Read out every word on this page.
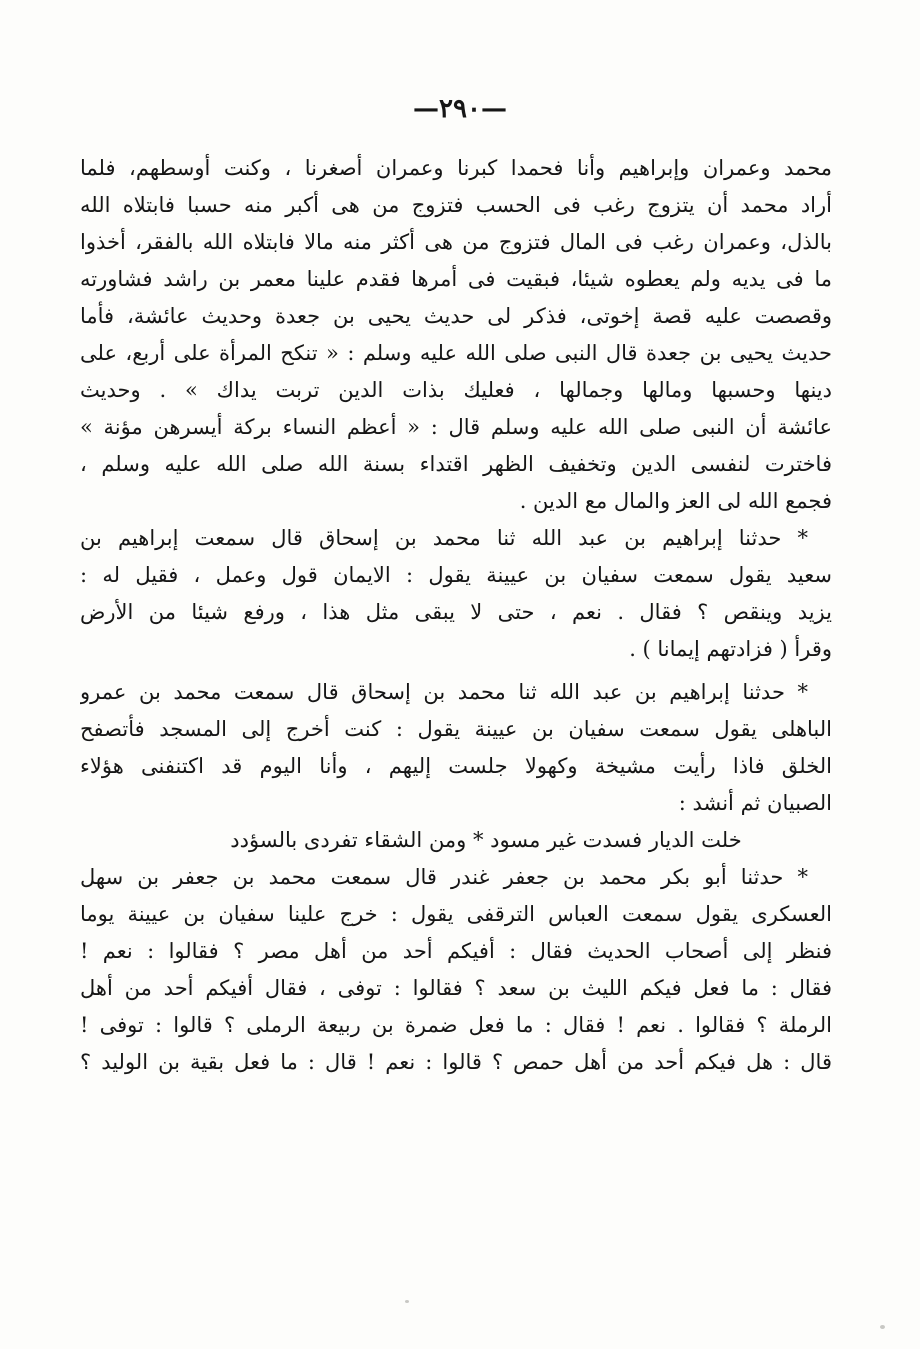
—٢٩٠—
محمد وعمران وإبراهيم وأنا فحمدا كبرنا وعمران أصغرنا ، وكنت أوسطهم، فلما
أراد محمد أن يتزوج رغب فى الحسب فتزوج من هى أكبر منه حسبا فابتلاه الله
بالذل، وعمران رغب فى المال فتزوج من هى أكثر منه مالا فابتلاه الله بالفقر، أخذوا
ما فى يديه ولم يعطوه شيئا، فبقيت فى أمرها فقدم علينا معمر بن راشد فشاورته
وقصصت عليه قصة إخوتى، فذكر لى حديث يحيى بن جعدة وحديث عائشة، فأما
حديث يحيى بن جعدة قال النبى صلى الله عليه وسلم : « تنكح المرأة على أربع، على
دينها وحسبها ومالها وجمالها ، فعليك بذات الدين تربت يداك » . وحديث
عائشة أن النبى صلى الله عليه وسلم قال : « أعظم النساء بركة أيسرهن مؤنة »
فاخترت لنفسى الدين وتخفيف الظهر اقتداء بسنة الله صلى الله عليه وسلم ،
فجمع الله لى العز والمال مع الدين .
* حدثنا إبراهيم بن عبد الله ثنا محمد بن إسحاق قال سمعت إبراهيم بن
سعيد يقول سمعت سفيان بن عيينة يقول : الايمان قول وعمل ، فقيل له :
يزيد وينقص ؟ فقال . نعم ، حتى لا يبقى مثل هذا ، ورفع شيئا من الأرض
وقرأ ( فزادتهم إيمانا ) .
* حدثنا إبراهيم بن عبد الله ثنا محمد بن إسحاق قال سمعت محمد بن عمرو
الباهلى يقول سمعت سفيان بن عيينة يقول : كنت أخرج إلى المسجد فأتصفح
الخلق فاذا رأيت مشيخة وكهولا جلست إليهم ، وأنا اليوم قد اكتنفنى هؤلاء
الصبيان ثم أنشد :
خلت الديار فسدت غير مسود * ومن الشقاء تفردى بالسؤدد
* حدثنا أبو بكر محمد بن جعفر غندر قال سمعت محمد بن جعفر بن سهل
العسكرى يقول سمعت العباس الترقفى يقول : خرج علينا سفيان بن عيينة يوما
فنظر إلى أصحاب الحديث فقال : أفيكم أحد من أهل مصر ؟ فقالوا : نعم !
فقال : ما فعل فيكم الليث بن سعد ؟ فقالوا : توفى ، فقال أفيكم أحد من أهل
الرملة ؟ فقالوا . نعم ! فقال : ما فعل ضمرة بن ربيعة الرملى ؟ قالوا : توفى !
قال : هل فيكم أحد من أهل حمص ؟ قالوا : نعم ! قال : ما فعل بقية بن الوليد ؟
